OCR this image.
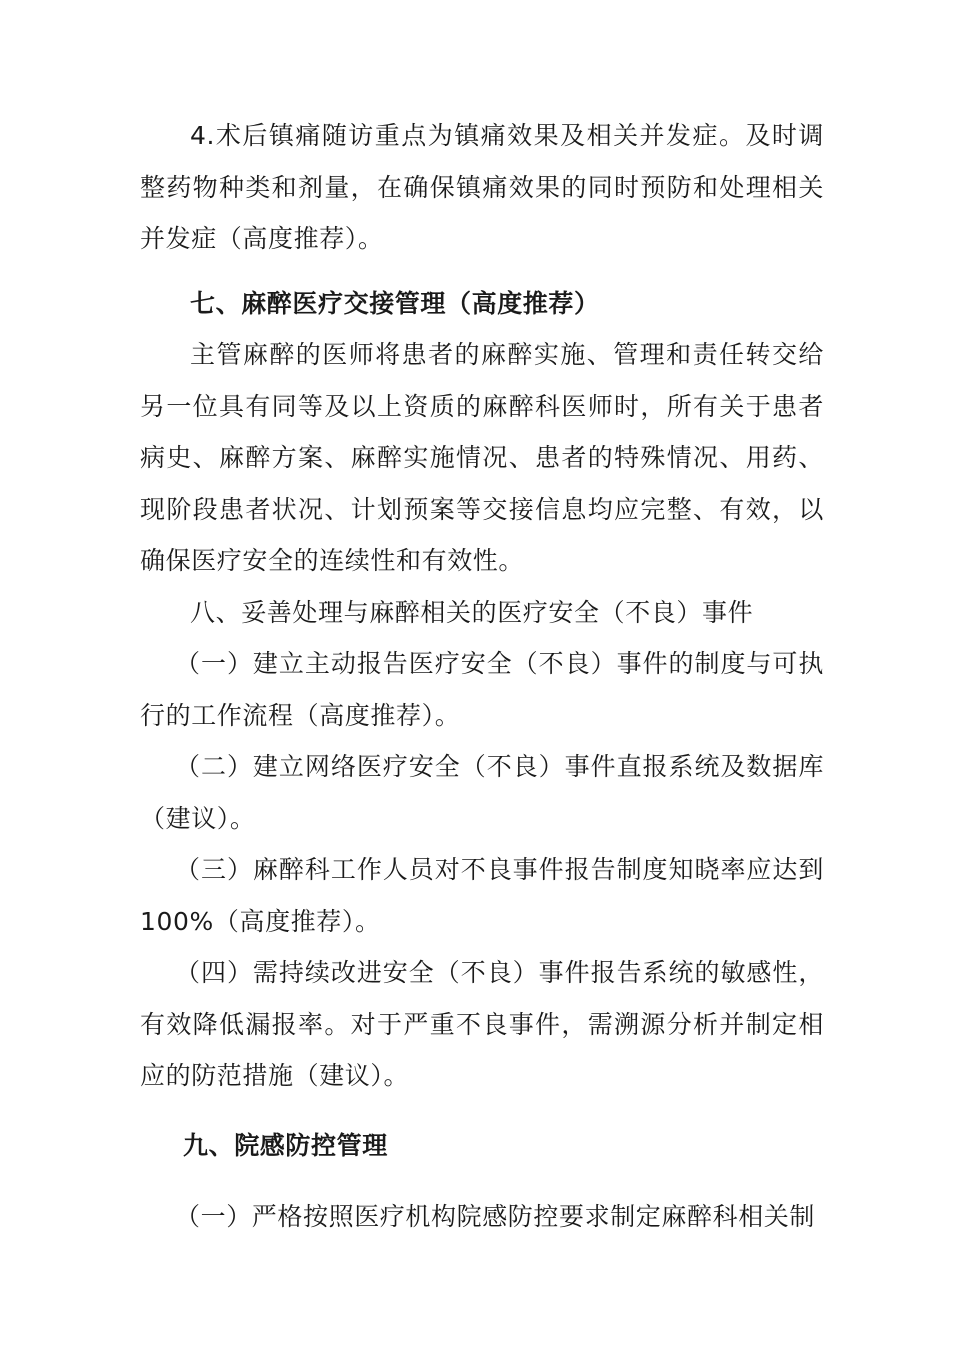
4.术后镇痛随访重点为镇痛效果及相关并发症。及时调整药物种类和剂量，在确保镇痛效果的同时预防和处理相关并发症（高度推荐）。

七、麻醉医疗交接管理（高度推荐）

主管麻醉的医师将患者的麻醉实施、管理和责任转交给另一位具有同等及以上资质的麻醉科医师时，所有关于患者病史、麻醉方案、麻醉实施情况、患者的特殊情况、用药、现阶段患者状况、计划预案等交接信息均应完整、有效，以确保医疗安全的连续性和有效性。

八、妥善处理与麻醉相关的医疗安全（不良）事件

（一）建立主动报告医疗安全（不良）事件的制度与可执行的工作流程（高度推荐）。

（二）建立网络医疗安全（不良）事件直报系统及数据库（建议）。

（三）麻醉科工作人员对不良事件报告制度知晓率应达到100%（高度推荐）。

（四）需持续改进安全（不良）事件报告系统的敏感性，有效降低漏报率。对于严重不良事件，需溯源分析并制定相应的防范措施（建议）。

九、院感防控管理

（一）严格按照医疗机构院感防控要求制定麻醉科相关制
